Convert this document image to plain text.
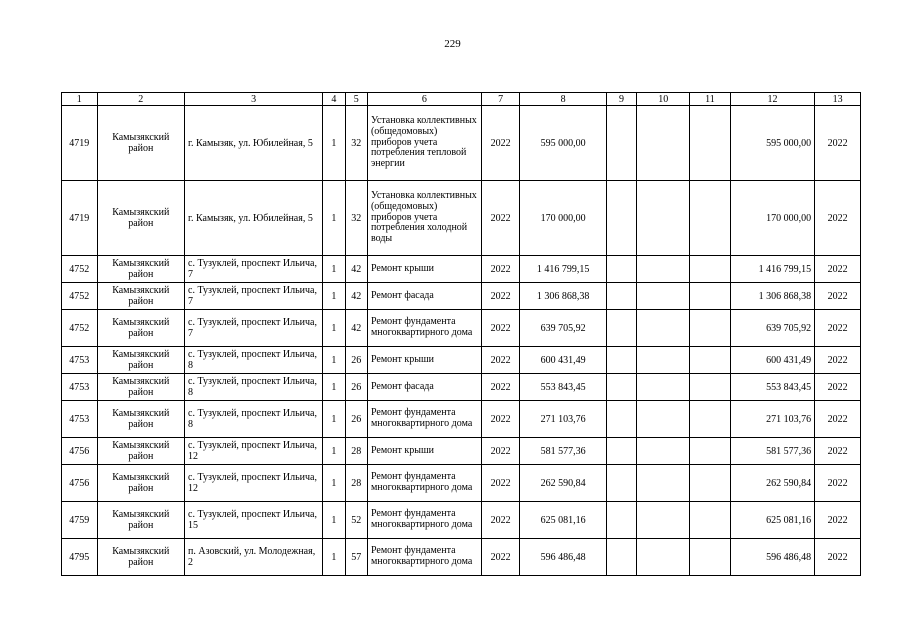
229
1	2	3	4	5	6	7	8	9	10	11	12	13
4719	Камызякский район	г. Камызяк, ул. Юбилейная, 5	1	32	Установка коллективных (общедомовых) приборов учета потребления тепловой энергии	2022	595 000,00				595 000,00	2022
4719	Камызякский район	г. Камызяк, ул. Юбилейная, 5	1	32	Установка коллективных (общедомовых) приборов учета потребления холодной воды	2022	170 000,00				170 000,00	2022
4752	Камызякский район	с. Тузуклей, проспект Ильича, 7	1	42	Ремонт крыши	2022	1 416 799,15				1 416 799,15	2022
4752	Камызякский район	с. Тузуклей, проспект Ильича, 7	1	42	Ремонт фасада	2022	1 306 868,38				1 306 868,38	2022
4752	Камызякский район	с. Тузуклей, проспект Ильича, 7	1	42	Ремонт фундамента многоквартирного дома	2022	639 705,92				639 705,92	2022
4753	Камызякский район	с. Тузуклей, проспект Ильича, 8	1	26	Ремонт крыши	2022	600 431,49				600 431,49	2022
4753	Камызякский район	с. Тузуклей, проспект Ильича, 8	1	26	Ремонт фасада	2022	553 843,45				553 843,45	2022
4753	Камызякский район	с. Тузуклей, проспект Ильича, 8	1	26	Ремонт фундамента многоквартирного дома	2022	271 103,76				271 103,76	2022
4756	Камызякский район	с. Тузуклей, проспект Ильича, 12	1	28	Ремонт крыши	2022	581 577,36				581 577,36	2022
4756	Камызякский район	с. Тузуклей, проспект Ильича, 12	1	28	Ремонт фундамента многоквартирного дома	2022	262 590,84				262 590,84	2022
4759	Камызякский район	с. Тузуклей, проспект Ильича, 15	1	52	Ремонт фундамента многоквартирного дома	2022	625 081,16				625 081,16	2022
4795	Камызякский район	п. Азовский, ул. Молодежная, 2	1	57	Ремонт фундамента многоквартирного дома	2022	596 486,48				596 486,48	2022
